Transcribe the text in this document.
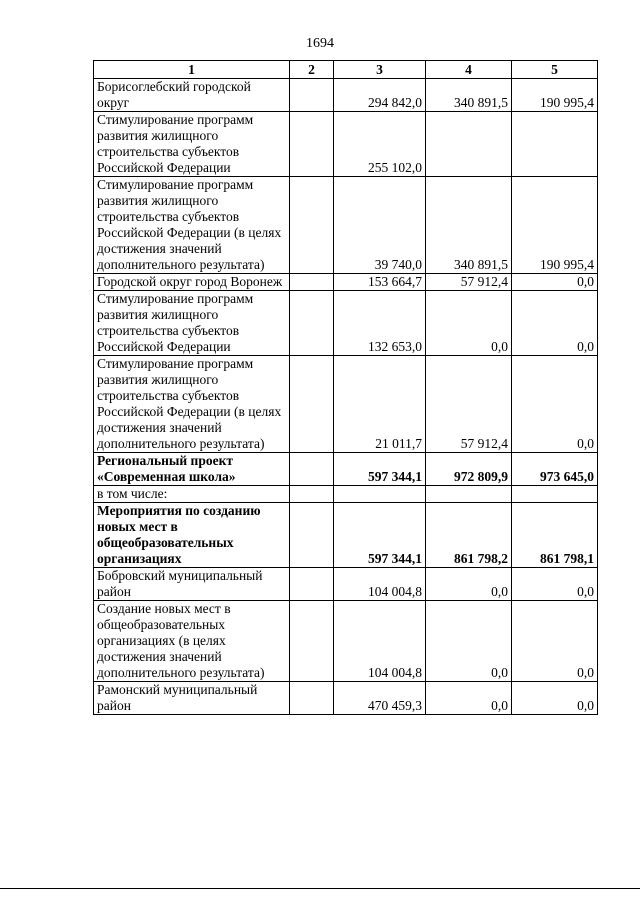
1694
1	2	3	4	5
Борисоглебский городской округ		294 842,0	340 891,5	190 995,4
Стимулирование программ развития жилищного строительства субъектов Российской Федерации		255 102,0		
Стимулирование программ развития жилищного строительства субъектов Российской Федерации (в целях достижения значений дополнительного результата)		39 740,0	340 891,5	190 995,4
Городской округ город Воронеж		153 664,7	57 912,4	0,0
Стимулирование программ развития жилищного строительства субъектов Российской Федерации		132 653,0	0,0	0,0
Стимулирование программ развития жилищного строительства субъектов Российской Федерации (в целях достижения значений дополнительного результата)		21 011,7	57 912,4	0,0
Региональный проект «Современная школа»		597 344,1	972 809,9	973 645,0
в том числе:				
Мероприятия по созданию новых мест в общеобразовательных организациях		597 344,1	861 798,2	861 798,1
Бобровский муниципальный район		104 004,8	0,0	0,0
Создание новых мест в общеобразовательных организациях (в целях достижения значений дополнительного результата)		104 004,8	0,0	0,0
Рамонский муниципальный район		470 459,3	0,0	0,0
